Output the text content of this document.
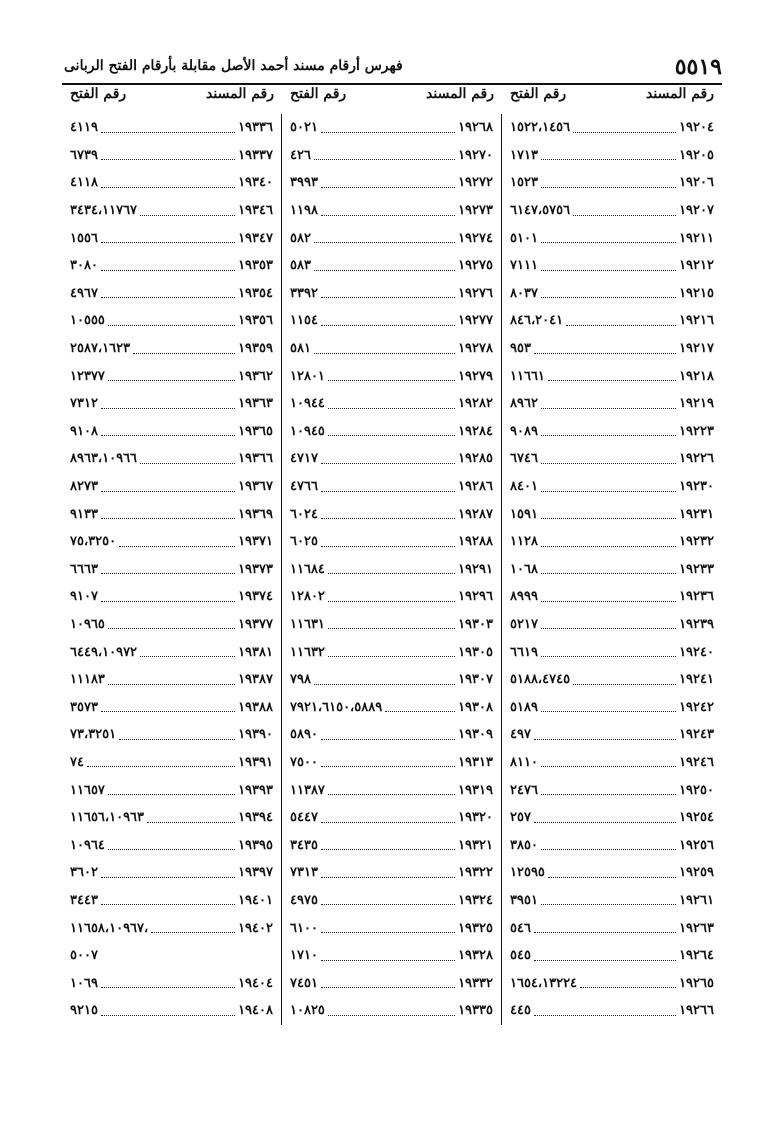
٥٥١٩
فهرس أرقام مسند أحمد الأصل مقابلة بأرقام الفتح الربانى
رقم المسند
رقم الفتح
رقم المسند
رقم الفتح
رقم المسند
رقم الفتح
١٩٢٠٤
١٥٢٢،١٤٥٦
١٩٢٠٥
١٧١٣
١٩٢٠٦
١٥٢٣
١٩٢٠٧
٦١٤٧،٥٧٥٦
١٩٢١١
٥١٠١
١٩٢١٢
٧١١١
١٩٢١٥
٨٠٣٧
١٩٢١٦
٨٤٦،٢٠٤١
١٩٢١٧
٩٥٣
١٩٢١٨
١١٦٦١
١٩٢١٩
٨٩٦٢
١٩٢٢٣
٩٠٨٩
١٩٢٢٦
٦٧٤٦
١٩٢٣٠
٨٤٠١
١٩٢٣١
١٥٩١
١٩٢٣٢
١١٢٨
١٩٢٣٣
١٠٦٨
١٩٢٣٦
٨٩٩٩
١٩٢٣٩
٥٢١٧
١٩٢٤٠
٦٦١٩
١٩٢٤١
٥١٨٨،٤٧٤٥
١٩٢٤٢
٥١٨٩
١٩٢٤٣
٤٩٧
١٩٢٤٦
٨١١٠
١٩٢٥٠
٢٤٧٦
١٩٢٥٤
٢٥٧
١٩٢٥٦
٣٨٥٠
١٩٢٥٩
١٢٥٩٥
١٩٢٦١
٣٩٥١
١٩٢٦٣
٥٤٦
١٩٢٦٤
٥٤٥
١٩٢٦٥
١٦٥٤،١٣٢٢٤
١٩٢٦٦
٤٤٥
١٩٢٦٨
٥٠٢١
١٩٢٧٠
٤٢٦
١٩٢٧٢
٣٩٩٣
١٩٢٧٣
١١٩٨
١٩٢٧٤
٥٨٢
١٩٢٧٥
٥٨٣
١٩٢٧٦
٣٣٩٢
١٩٢٧٧
١١٥٤
١٩٢٧٨
٥٨١
١٩٢٧٩
١٢٨٠١
١٩٢٨٢
١٠٩٤٤
١٩٢٨٤
١٠٩٤٥
١٩٢٨٥
٤٧١٧
١٩٢٨٦
٤٧٦٦
١٩٢٨٧
٦٠٢٤
١٩٢٨٨
٦٠٢٥
١٩٢٩١
١١٦٨٤
١٩٢٩٦
١٢٨٠٢
١٩٣٠٣
١١٦٣١
١٩٣٠٥
١١٦٣٢
١٩٣٠٧
٧٩٨
١٩٣٠٨
٧٩٢١،٦١٥٠،٥٨٨٩
١٩٣٠٩
٥٨٩٠
١٩٣١٣
٧٥٠٠
١٩٣١٩
١١٣٨٧
١٩٣٢٠
٥٤٤٧
١٩٣٢١
٣٤٣٥
١٩٣٢٢
٧٣١٣
١٩٣٢٤
٤٩٧٥
١٩٣٢٥
٦١٠٠
١٩٣٢٨
١٧١٠
١٩٣٣٢
٧٤٥١
١٩٣٣٥
١٠٨٢٥
١٩٣٣٦
٤١١٩
١٩٣٣٧
٦٧٣٩
١٩٣٤٠
٤١١٨
١٩٣٤٦
٣٤٣٤،١١٧٦٧
١٩٣٤٧
١٥٥٦
١٩٣٥٣
٣٠٨٠
١٩٣٥٤
٤٩٦٧
١٩٣٥٦
١٠٥٥٥
١٩٣٥٩
٢٥٨٧،١٦٢٣
١٩٣٦٢
١٢٣٧٧
١٩٣٦٣
٧٣١٢
١٩٣٦٥
٩١٠٨
١٩٣٦٦
٨٩٦٣،١٠٩٦٦
١٩٣٦٧
٨٢٧٣
١٩٣٦٩
٩١٣٣
١٩٣٧١
٧٥،٣٢٥٠
١٩٣٧٣
٦٦٦٣
١٩٣٧٤
٩١٠٧
١٩٣٧٧
١٠٩٦٥
١٩٣٨١
٦٤٤٩،١٠٩٧٢
١٩٣٨٧
١١١٨٣
١٩٣٨٨
٣٥٧٣
١٩٣٩٠
٧٣،٣٢٥١
١٩٣٩١
٧٤
١٩٣٩٣
١١٦٥٧
١٩٣٩٤
١١٦٥٦،١٠٩٦٣
١٩٣٩٥
١٠٩٦٤
١٩٣٩٧
٣٦٠٢
١٩٤٠١
٣٤٤٣
١٩٤٠٢
،١١٦٥٨،١٠٩٦٧
٥٠٠٧
١٩٤٠٤
١٠٦٩
١٩٤٠٨
٩٢١٥
